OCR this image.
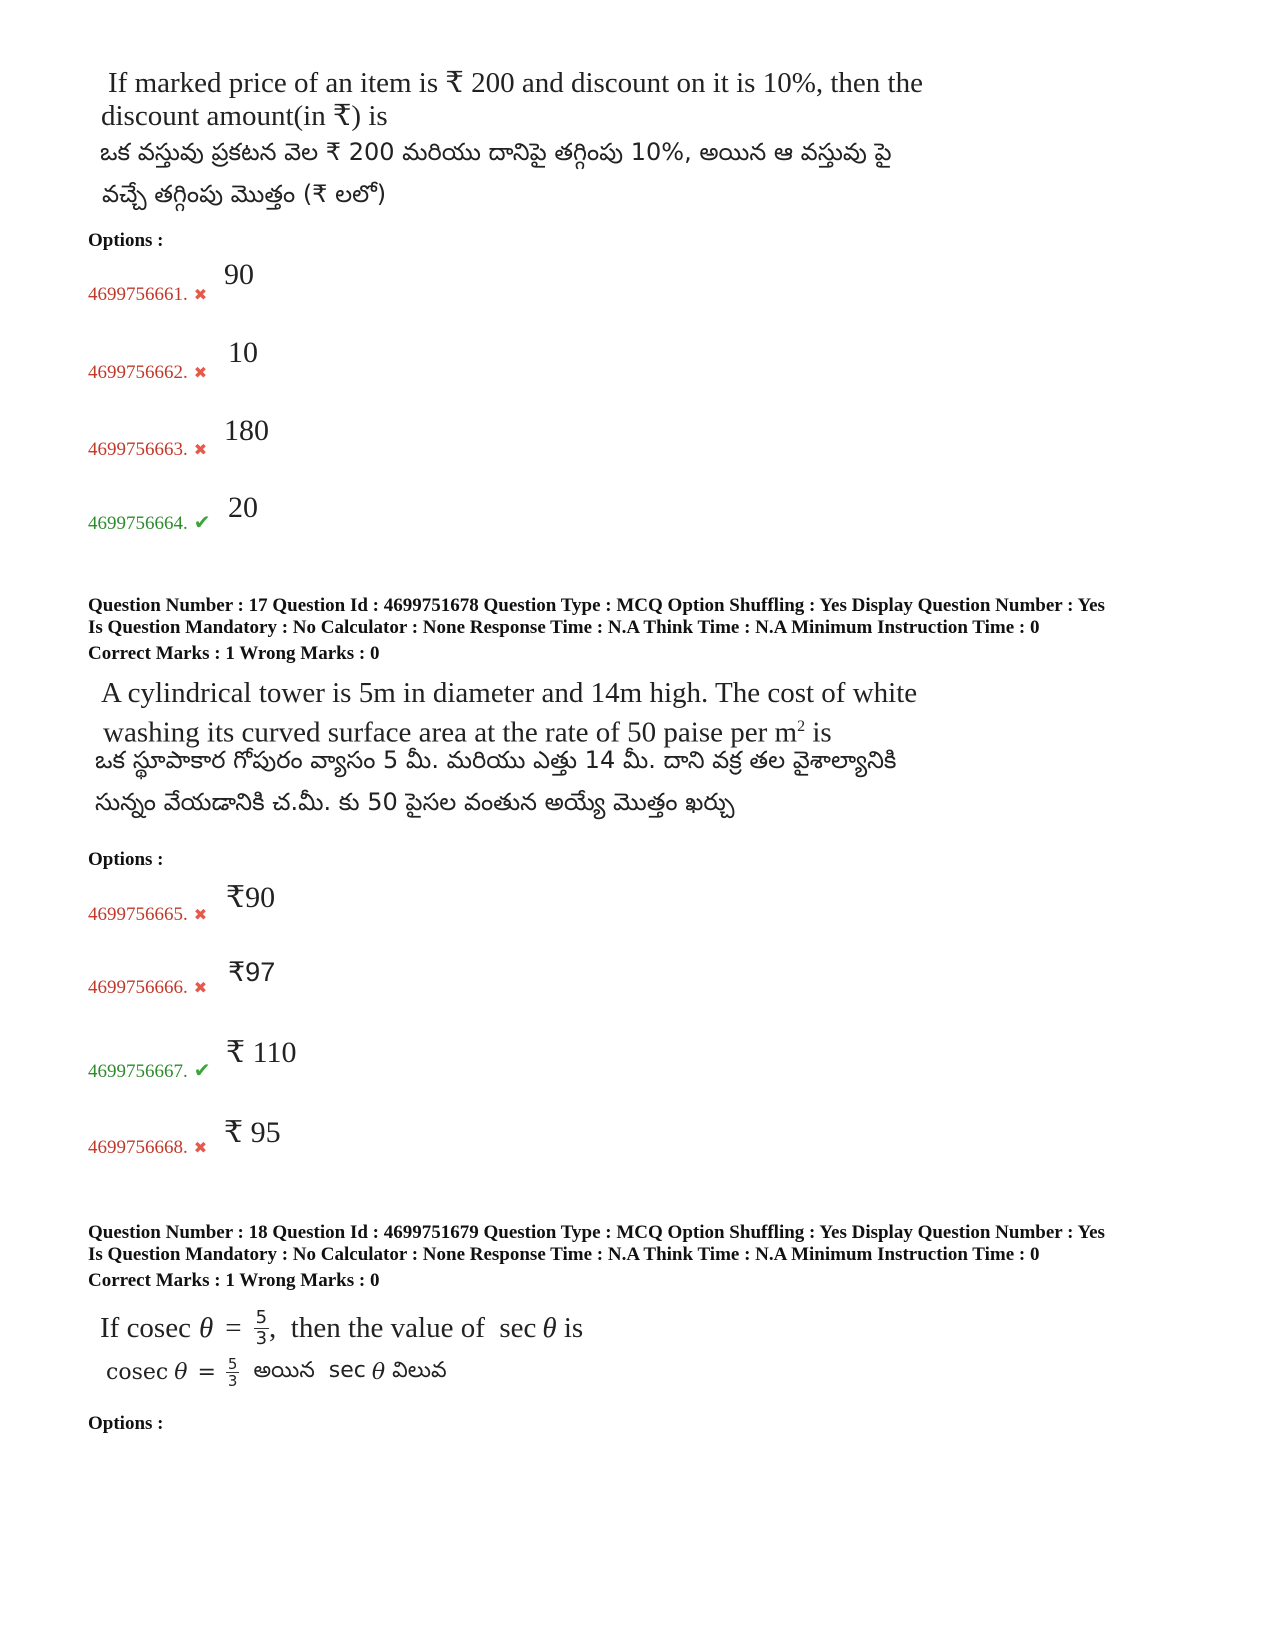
If marked price of an item is ₹ 200 and discount on it is 10%, then the
discount amount(in ₹) is
ఒక వస్తువు ప్రకటన వెల ₹ 200 మరియు దానిపై తగ్గింపు 10%, అయిన ఆ వస్తువు పై
వచ్చే తగ్గింపు మొత్తం (₹ లలో)
Options :
4699756661. ✖
90
4699756662. ✖
10
4699756663. ✖
180
4699756664. ✔ 20
Question Number : 17 Question Id : 4699751678 Question Type : MCQ Option Shuffling : Yes Display Question Number : Yes
Is Question Mandatory : No Calculator : None Response Time : N.A Think Time : N.A Minimum Instruction Time : 0
Correct Marks : 1 Wrong Marks : 0
A cylindrical tower is 5m in diameter and 14m high. The cost of white
washing its curved surface area at the rate of 50 paise per $m^2$ is
ఒక స్థూపాకార గోపురం వ్యాసం 5 మీ. మరియు ఎత్తు 14 మీ. దాని వక్ర తల వైశాల్యానికి
సున్నం వేయడానికి చ.మీ. కు 50 పైసల వంతున అయ్యే మొత్తం ఖర్చు
Options :
4699756665. ✖
₹90
4699756666. ✖
₹97
4699756667. ✔
₹ 110
4699756668. ✖ ₹ 95
Question Number : 18 Question Id : 4699751679 Question Type : MCQ Option Shuffling : Yes Display Question Number : Yes
Is Question Mandatory : No Calculator : None Response Time : N.A Think Time : N.A Minimum Instruction Time : 0
Correct Marks : 1 Wrong Marks : 0
If cosec $\theta = \frac{5}{3}$ ,  then the value of  sec θ is
cosec $\theta = \frac{5}{3}$ అయిన  sec θ విలువ
Options :
